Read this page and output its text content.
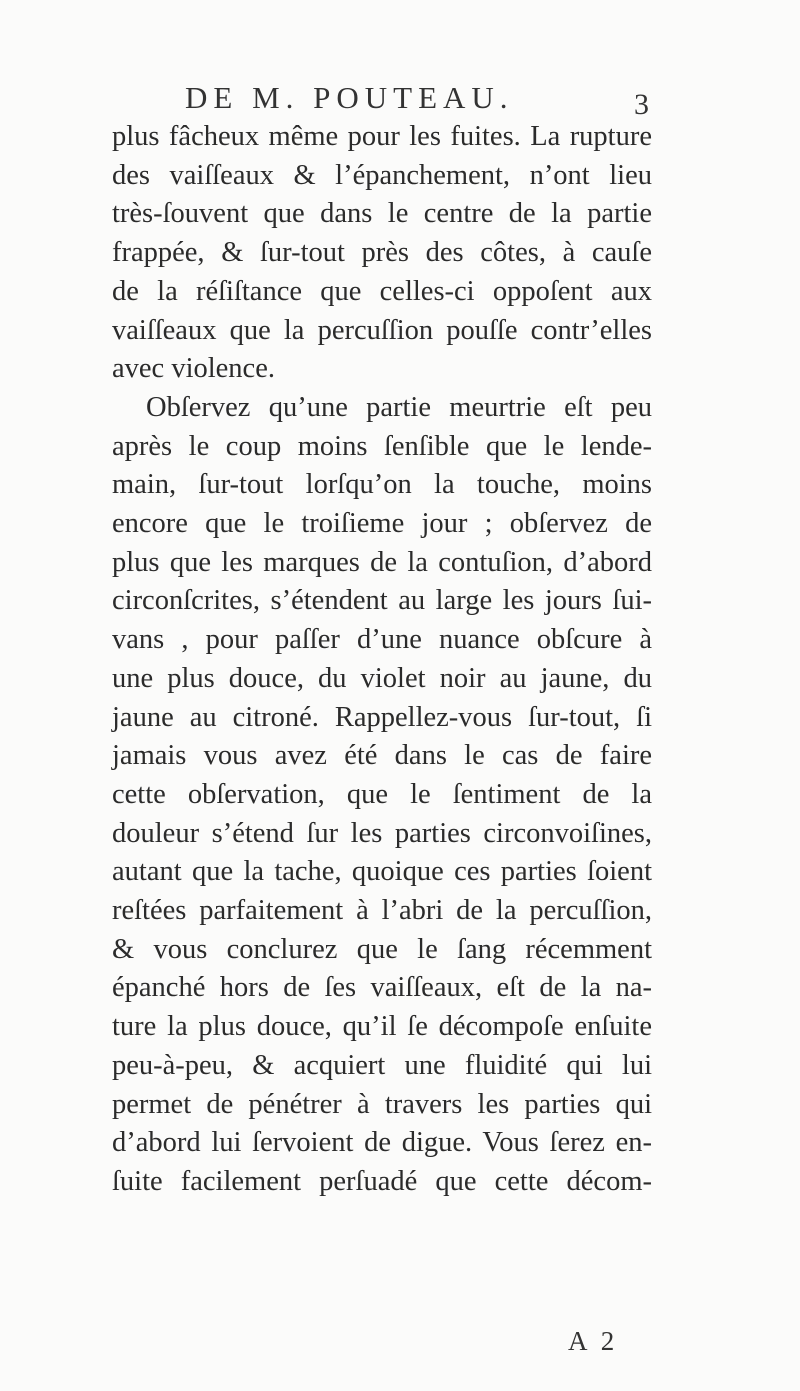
DE M. POUTEAU.	3
plus fâcheux même pour les fuites. La rupture
des vaiſſeaux & l’épanchement, n’ont lieu
très-ſouvent que dans le centre de la partie
frappée, & ſur-tout près des côtes, à cauſe
de la réſiſtance que celles-ci oppoſent aux
vaiſſeaux que la percuſſion pouſſe contr’elles
avec violence.
Obſervez qu’une partie meurtrie eſt peu
après le coup moins ſenſible que le lende-
main, ſur-tout lorſqu’on la touche, moins
encore que le troiſieme jour ; obſervez de
plus que les marques de la contuſion, d’abord
circonſcrites, s’étendent au large les jours ſui-
vans , pour paſſer d’une nuance obſcure à
une plus douce, du violet noir au jaune, du
jaune au citroné. Rappellez-vous ſur-tout, ſi
jamais vous avez été dans le cas de faire
cette obſervation, que le ſentiment de la
douleur s’étend ſur les parties circonvoiſines,
autant que la tache, quoique ces parties ſoient
reſtées parfaitement à l’abri de la percuſſion,
& vous conclurez que le ſang récemment
épanché hors de ſes vaiſſeaux, eſt de la na-
ture la plus douce, qu’il ſe décompoſe enſuite
peu-à-peu, & acquiert une fluidité qui lui
permet de pénétrer à travers les parties qui
d’abord lui ſervoient de digue. Vous ſerez en-
ſuite facilement perſuadé que cette décom-
A 2
